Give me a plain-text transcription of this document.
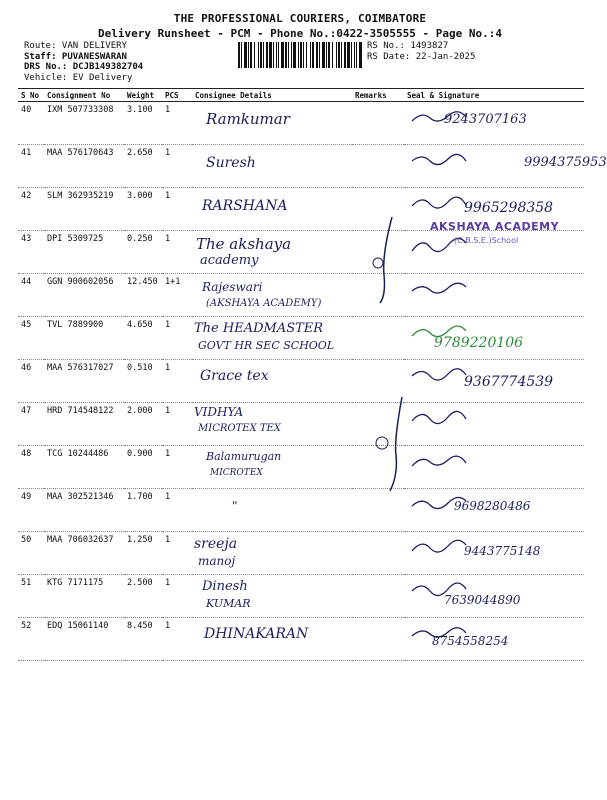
THE PROFESSIONAL COURIERS, COIMBATORE
Delivery Runsheet - PCM - Phone No.:0422-3505555 - Page No.:4
Route: VAN DELIVERY
Staff: PUVANESWARAN
DRS No.: DCJB149382704
Vehicle: EV Delivery
RS No.: 1493827
RS Date: 22-Jan-2025
S No	Consignment No	Weight	PCS	Consignee Details	Remarks	Seal & Signature
40	IXM 507733308	3.100	1	Ramkumar		9243707163

41	MAA 576170643	2.650	1	Suresh		9994375953

42	SLM 362935219	3.000	1	RARSHANA		9965298358

43	DPI 5309725	0.250	1	The akshaya
academy

44	GGN 900602056	12.450	1+1	Rajeswari
(AKSHAYA ACADEMY)

45	TVL 7889900	4.650	1	The HEADMASTER
GOVT HR SEC SCHOOL		9789220106

46	MAA 576317027	0.510	1	Grace tex		9367774539

47	HRD 714548122	2.000	1	VIDHYA
MICROTEX TEX

48	TCG 10244486	0.900	1	Balamurugan
MICROTEX

49	MAA 302521346	1.700	1	"		9698280486

50	MAA 706032637	1.250	1	sreeja
manoj		9443775148

51	KTG 7171175	2.500	1	Dinesh
KUMAR		7639044890

52	EDQ 15061140	8.450	1	DHINAKARAN		8754558254
AKSHAYA ACADEMY
(C.B.S.E.)School
